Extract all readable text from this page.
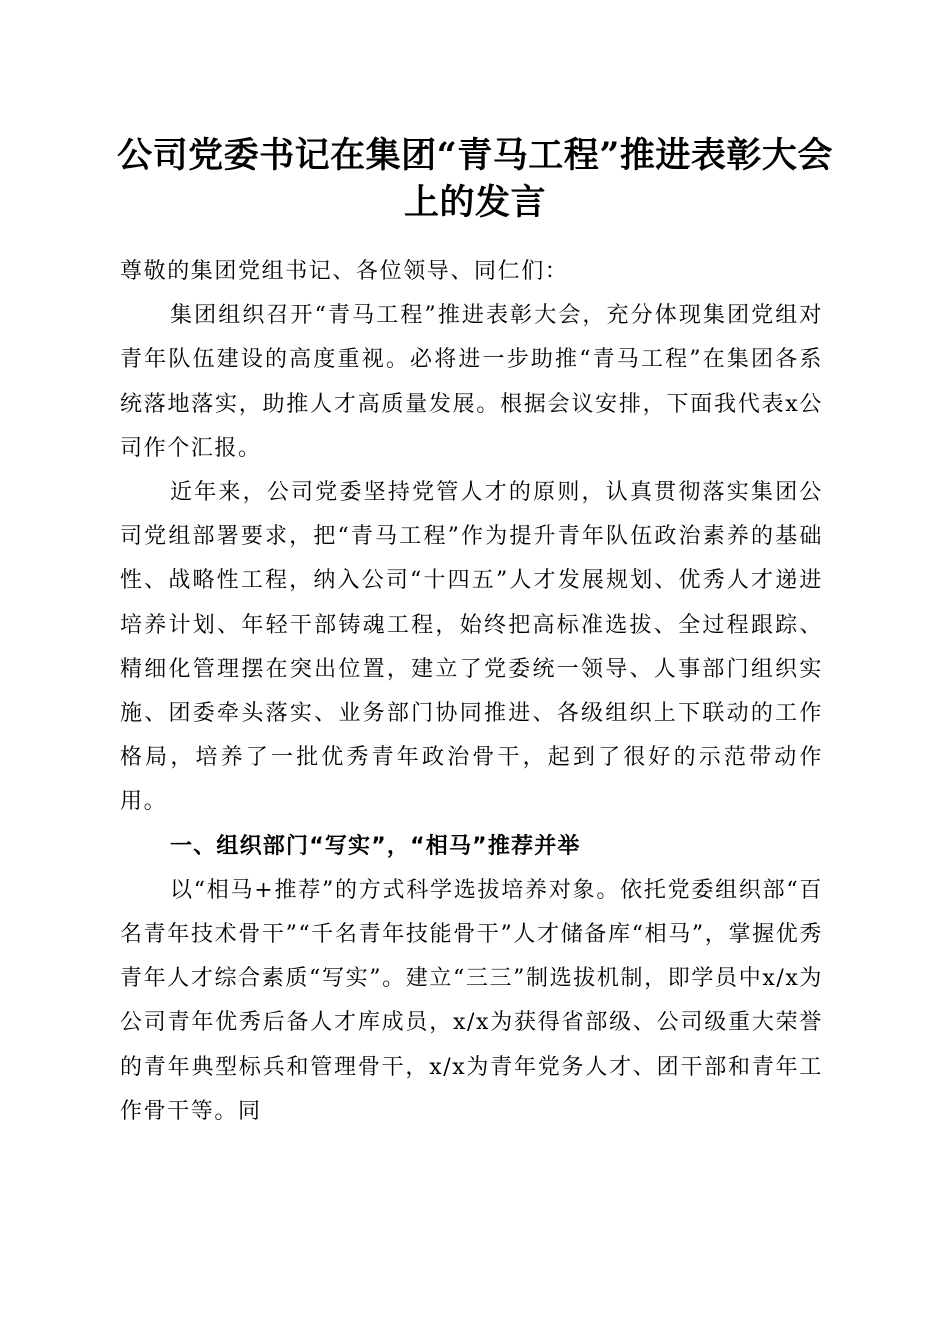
公司党委书记在集团“青马工程”推进表彰大会上的发言

尊敬的集团党组书记、各位领导、同仁们：

集团组织召开“青马工程”推进表彰大会，充分体现集团党组对青年队伍建设的高度重视。必将进一步助推“青马工程”在集团各系统落地落实，助推人才高质量发展。根据会议安排，下面我代表x公司作个汇报。

近年来，公司党委坚持党管人才的原则，认真贯彻落实集团公司党组部署要求，把“青马工程”作为提升青年队伍政治素养的基础性、战略性工程，纳入公司“十四五”人才发展规划、优秀人才递进培养计划、年轻干部铸魂工程，始终把高标准选拔、全过程跟踪、精细化管理摆在突出位置，建立了党委统一领导、人事部门组织实施、团委牵头落实、业务部门协同推进、各级组织上下联动的工作格局，培养了一批优秀青年政治骨干，起到了很好的示范带动作用。

一、组织部门“写实”，“相马”推荐并举

以“相马+推荐”的方式科学选拔培养对象。依托党委组织部“百名青年技术骨干”“千名青年技能骨干”人才储备库“相马”，掌握优秀青年人才综合素质“写实”。建立“三三”制选拔机制，即学员中x/x为公司青年优秀后备人才库成员，x/x为获得省部级、公司级重大荣誉的青年典型标兵和管理骨干，x/x为青年党务人才、团干部和青年工作骨干等。同
